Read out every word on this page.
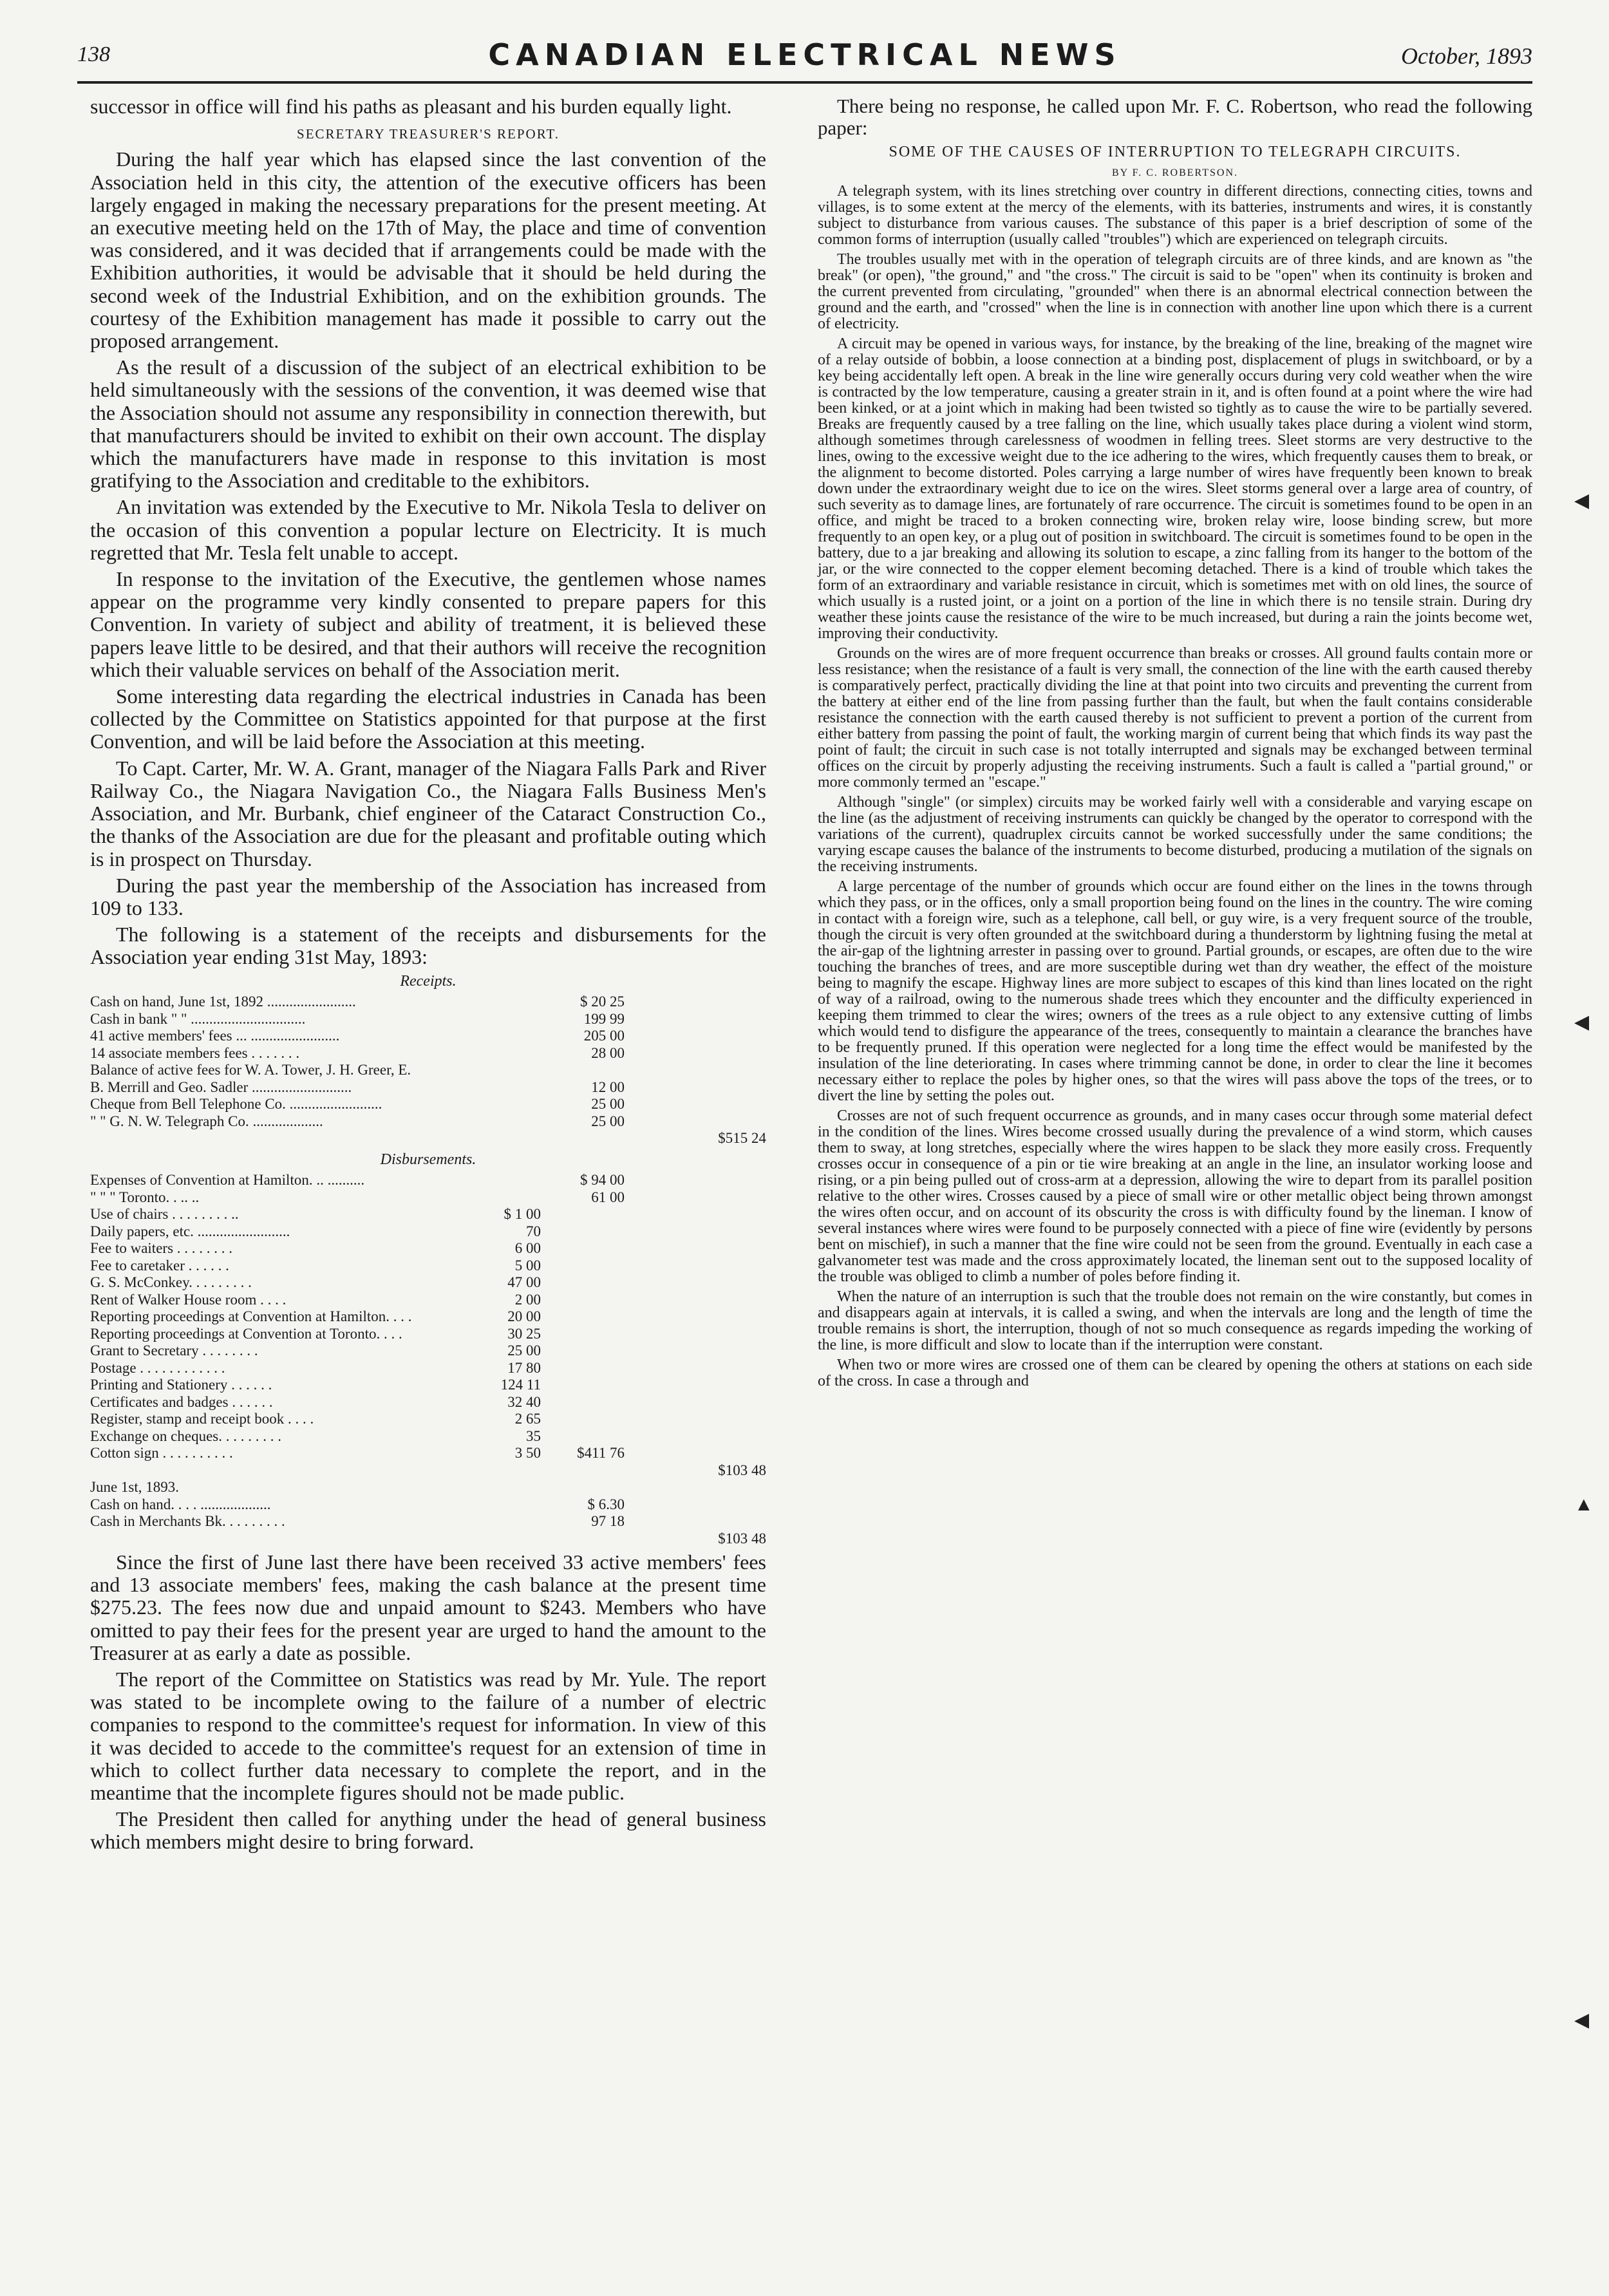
138	CANADIAN ELECTRICAL NEWS	October, 1893

successor in office will find his paths as pleasant and his burden equally light.

SECRETARY TREASURER'S REPORT.

During the half year which has elapsed since the last convention of the Association held in this city, the attention of the executive officers has been largely engaged in making the necessary preparations for the present meeting. At an executive meeting held on the 17th of May, the place and time of convention was considered, and it was decided that if arrangements could be made with the Exhibition authorities, it would be advisable that it should be held during the second week of the Industrial Exhibition, and on the exhibition grounds. The courtesy of the Exhibition management has made it possible to carry out the proposed arrangement.

As the result of a discussion of the subject of an electrical exhibition to be held simultaneously with the sessions of the convention, it was deemed wise that the Association should not assume any responsibility in connection therewith, but that manufacturers should be invited to exhibit on their own account. The display which the manufacturers have made in response to this invitation is most gratifying to the Association and creditable to the exhibitors.

An invitation was extended by the Executive to Mr. Nikola Tesla to deliver on the occasion of this convention a popular lecture on Electricity. It is much regretted that Mr. Tesla felt unable to accept.

In response to the invitation of the Executive, the gentlemen whose names appear on the programme very kindly consented to prepare papers for this Convention. In variety of subject and ability of treatment, it is believed these papers leave little to be desired, and that their authors will receive the recognition which their valuable services on behalf of the Association merit.

Some interesting data regarding the electrical industries in Canada has been collected by the Committee on Statistics appointed for that purpose at the first Convention, and will be laid before the Association at this meeting.

To Capt. Carter, Mr. W. A. Grant, manager of the Niagara Falls Park and River Railway Co., the Niagara Navigation Co., the Niagara Falls Business Men's Association, and Mr. Burbank, chief engineer of the Cataract Construction Co., the thanks of the Association are due for the pleasant and profitable outing which is in prospect on Thursday.

During the past year the membership of the Association has increased from 109 to 133.

The following is a statement of the receipts and disbursements for the Association year ending 31st May, 1893:

Receipts.
Cash on hand, June 1st, 1892 ........................	$ 20 25
Cash in bank " " ...............................	199 99
41 active members' fees ... ........................	205 00
14 associate members fees . . . . . . .	28 00
Balance of active fees for W. A. Tower, J. H. Greer, E.
B. Merrill and Geo. Sadler ...........................	12 00
Cheque from Bell Telephone Co. .........................	25 00
" " G. N. W. Telegraph Co. ...................	25 00
$515 24
Disbursements.
Expenses of Convention at Hamilton. .. ..........	$ 94 00
" " " Toronto. . .. ..	61 00
Use of chairs . . . . . . . . ..	$ 1 00
Daily papers, etc. .........................	70
Fee to waiters . . . . . . . .	6 00
Fee to caretaker . . . . . .	5 00
G. S. McConkey. . . . . . . . .	47 00
Rent of Walker House room . . . .	2 00
Reporting proceedings at Convention at Hamilton. . . .	20 00
Reporting proceedings at Convention at Toronto. . . .	30 25
Grant to Secretary . . . . . . . .	25 00
Postage . . . . . . . . . . . .	17 80
Printing and Stationery . . . . . .	124 11
Certificates and badges . . . . . .	32 40
Register, stamp and receipt book . . . .	2 65
Exchange on cheques. . . . . . . . .	35
Cotton sign . . . . . . . . . .	3 50	$411 76
$103 48
June 1st, 1893.
Cash on hand. . . . ...................	$ 6.30
Cash in Merchants Bk. . . . . . . . .	97 18
$103 48

Since the first of June last there have been received 33 active members' fees and 13 associate members' fees, making the cash balance at the present time $275.23. The fees now due and unpaid amount to $243. Members who have omitted to pay their fees for the present year are urged to hand the amount to the Treasurer at as early a date as possible.

The report of the Committee on Statistics was read by Mr. Yule. The report was stated to be incomplete owing to the failure of a number of electric companies to respond to the committee's request for information. In view of this it was decided to accede to the committee's request for an extension of time in which to collect further data necessary to complete the report, and in the meantime that the incomplete figures should not be made public.

The President then called for anything under the head of general business which members might desire to bring forward.

There being no response, he called upon Mr. F. C. Robertson, who read the following paper:

SOME OF THE CAUSES OF INTERRUPTION TO TELEGRAPH CIRCUITS.

BY F. C. ROBERTSON.

A telegraph system, with its lines stretching over country in different directions, connecting cities, towns and villages, is to some extent at the mercy of the elements, with its batteries, instruments and wires, it is constantly subject to disturbance from various causes. The substance of this paper is a brief description of some of the common forms of interruption (usually called "troubles") which are experienced on telegraph circuits.

The troubles usually met with in the operation of telegraph circuits are of three kinds, and are known as "the break" (or open), "the ground," and "the cross." The circuit is said to be "open" when its continuity is broken and the current prevented from circulating, "grounded" when there is an abnormal electrical connection between the ground and the earth, and "crossed" when the line is in connection with another line upon which there is a current of electricity.

A circuit may be opened in various ways, for instance, by the breaking of the line, breaking of the magnet wire of a relay outside of bobbin, a loose connection at a binding post, displacement of plugs in switchboard, or by a key being accidentally left open. A break in the line wire generally occurs during very cold weather when the wire is contracted by the low temperature, causing a greater strain in it, and is often found at a point where the wire had been kinked, or at a joint which in making had been twisted so tightly as to cause the wire to be partially severed. Breaks are frequently caused by a tree falling on the line, which usually takes place during a violent wind storm, although sometimes through carelessness of woodmen in felling trees. Sleet storms are very destructive to the lines, owing to the excessive weight due to the ice adhering to the wires, which frequently causes them to break, or the alignment to become distorted. Poles carrying a large number of wires have frequently been known to break down under the extraordinary weight due to ice on the wires. Sleet storms general over a large area of country, of such severity as to damage lines, are fortunately of rare occurrence. The circuit is sometimes found to be open in an office, and might be traced to a broken connecting wire, broken relay wire, loose binding screw, but more frequently to an open key, or a plug out of position in switchboard. The circuit is sometimes found to be open in the battery, due to a jar breaking and allowing its solution to escape, a zinc falling from its hanger to the bottom of the jar, or the wire connected to the copper element becoming detached. There is a kind of trouble which takes the form of an extraordinary and variable resistance in circuit, which is sometimes met with on old lines, the source of which usually is a rusted joint, or a joint on a portion of the line in which there is no tensile strain. During dry weather these joints cause the resistance of the wire to be much increased, but during a rain the joints become wet, improving their conductivity.

Grounds on the wires are of more frequent occurrence than breaks or crosses. All ground faults contain more or less resistance; when the resistance of a fault is very small, the connection of the line with the earth caused thereby is comparatively perfect, practically dividing the line at that point into two circuits and preventing the current from the battery at either end of the line from passing further than the fault, but when the fault contains considerable resistance the connection with the earth caused thereby is not sufficient to prevent a portion of the current from either battery from passing the point of fault, the working margin of current being that which finds its way past the point of fault; the circuit in such case is not totally interrupted and signals may be exchanged between terminal offices on the circuit by properly adjusting the receiving instruments. Such a fault is called a "partial ground," or more commonly termed an "escape."

Although "single" (or simplex) circuits may be worked fairly well with a considerable and varying escape on the line (as the adjustment of receiving instruments can quickly be changed by the operator to correspond with the variations of the current), quadruplex circuits cannot be worked successfully under the same conditions; the varying escape causes the balance of the instruments to become disturbed, producing a mutilation of the signals on the receiving instruments.

A large percentage of the number of grounds which occur are found either on the lines in the towns through which they pass, or in the offices, only a small proportion being found on the lines in the country. The wire coming in contact with a foreign wire, such as a telephone, call bell, or guy wire, is a very frequent source of the trouble, though the circuit is very often grounded at the switchboard during a thunderstorm by lightning fusing the metal at the air-gap of the lightning arrester in passing over to ground. Partial grounds, or escapes, are often due to the wire touching the branches of trees, and are more susceptible during wet than dry weather, the effect of the moisture being to magnify the escape. Highway lines are more subject to escapes of this kind than lines located on the right of way of a railroad, owing to the numerous shade trees which they encounter and the difficulty experienced in keeping them trimmed to clear the wires; owners of the trees as a rule object to any extensive cutting of limbs which would tend to disfigure the appearance of the trees, consequently to maintain a clearance the branches have to be frequently pruned. If this operation were neglected for a long time the effect would be manifested by the insulation of the line deteriorating. In cases where trimming cannot be done, in order to clear the line it becomes necessary either to replace the poles by higher ones, so that the wires will pass above the tops of the trees, or to divert the line by setting the poles out.

Crosses are not of such frequent occurrence as grounds, and in many cases occur through some material defect in the condition of the lines. Wires become crossed usually during the prevalence of a wind storm, which causes them to sway, at long stretches, especially where the wires happen to be slack they more easily cross. Frequently crosses occur in consequence of a pin or tie wire breaking at an angle in the line, an insulator working loose and rising, or a pin being pulled out of cross-arm at a depression, allowing the wire to depart from its parallel position relative to the other wires. Crosses caused by a piece of small wire or other metallic object being thrown amongst the wires often occur, and on account of its obscurity the cross is with difficulty found by the lineman. I know of several instances where wires were found to be purposely connected with a piece of fine wire (evidently by persons bent on mischief), in such a manner that the fine wire could not be seen from the ground. Eventually in each case a galvanometer test was made and the cross approximately located, the lineman sent out to the supposed locality of the trouble was obliged to climb a number of poles before finding it.

When the nature of an interruption is such that the trouble does not remain on the wire constantly, but comes in and disappears again at intervals, it is called a swing, and when the intervals are long and the length of time the trouble remains is short, the interruption, though of not so much consequence as regards impeding the working of the line, is more difficult and slow to locate than if the interruption were constant.

When two or more wires are crossed one of them can be cleared by opening the others at stations on each side of the cross. In case a through and

◀
◀
▲
◀
